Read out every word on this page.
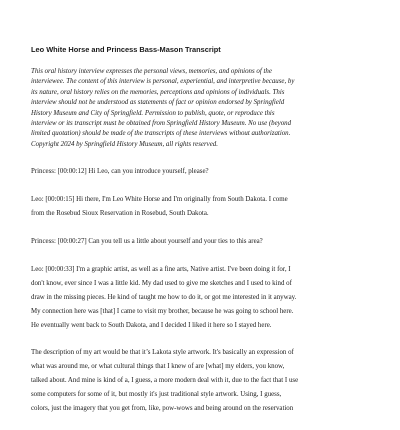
Leo White Horse and Princess Bass-Mason Transcript
This oral history interview expresses the personal views, memories, and opinions of the
interviewee. The content of this interview is personal, experiential, and interpretive because, by
its nature, oral history relies on the memories, perceptions and opinions of individuals. This
interview should not be understood as statements of fact or opinion endorsed by Springfield
History Museum and City of Springfield. Permission to publish, quote, or reproduce this
interview or its transcript must be obtained from Springfield History Museum. No use (beyond
limited quotation) should be made of the transcripts of these interviews without authorization.
Copyright 2024 by Springfield History Museum, all rights reserved.
Princess: [00:00:12] Hi Leo, can you introduce yourself, please?
Leo: [00:00:15] Hi there, I'm Leo White Horse and I'm originally from South Dakota. I come
from the Rosebud Sioux Reservation in Rosebud, South Dakota.
Princess: [00:00:27] Can you tell us a little about yourself and your ties to this area?
Leo: [00:00:33] I'm a graphic artist, as well as a fine arts, Native artist. I've been doing it for, I
don't know, ever since I was a little kid. My dad used to give me sketches and I used to kind of
draw in the missing pieces. He kind of taught me how to do it, or got me interested in it anyway.
My connection here was [that] I came to visit my brother, because he was going to school here.
He eventually went back to South Dakota, and I decided I liked it here so I stayed here.
The description of my art would be that it’s Lakota style artwork. It's basically an expression of
what was around me, or what cultural things that I knew of are [what] my elders, you know,
talked about. And mine is kind of a, I guess, a more modern deal with it, due to the fact that I use
some computers for some of it, but mostly it's just traditional style artwork. Using, I guess,
colors, just the imagery that you get from, like, pow-wows and being around on the reservation
